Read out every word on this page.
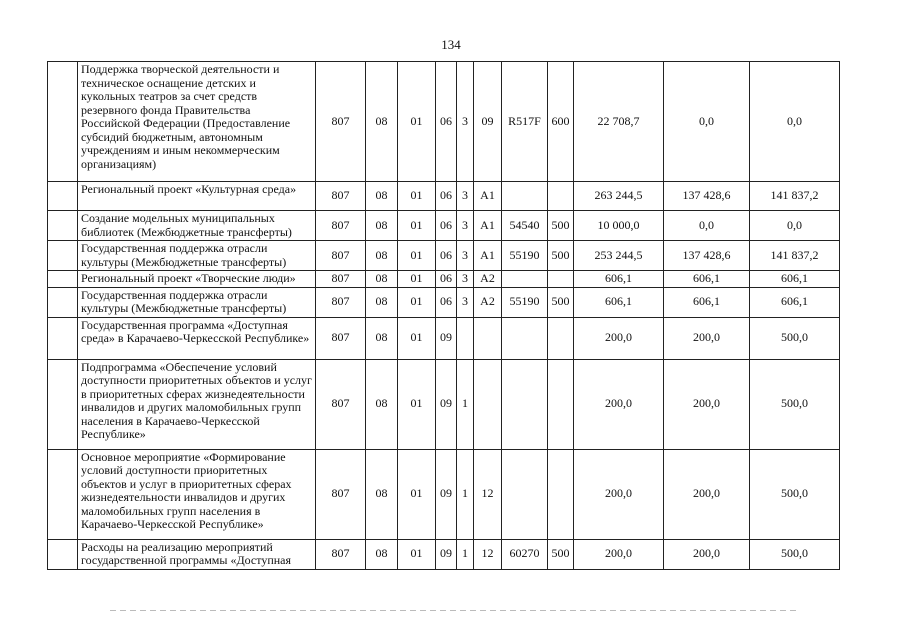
134
	Поддержка творческой деятельности и техническое оснащение детских и кукольных театров за счет средств резервного фонда Правительства Российской Федерации (Предоставление субсидий бюджетным, автономным учреждениям и иным некоммерческим организациям)	807	08	01	06	3	09	R517F	600	22 708,7	0,0	0,0
	Региональный проект «Культурная среда»	807	08	01	06	3	A1			263 244,5	137 428,6	141 837,2
	Создание модельных муниципальных библиотек (Межбюджетные трансферты)	807	08	01	06	3	A1	54540	500	10 000,0	0,0	0,0
	Государственная поддержка отрасли культуры (Межбюджетные трансферты)	807	08	01	06	3	A1	55190	500	253 244,5	137 428,6	141 837,2
	Региональный проект «Творческие люди»	807	08	01	06	3	A2			606,1	606,1	606,1
	Государственная поддержка отрасли культуры (Межбюджетные трансферты)	807	08	01	06	3	A2	55190	500	606,1	606,1	606,1
	Государственная программа «Доступная среда» в Карачаево-Черкесской Республике»	807	08	01	09					200,0	200,0	500,0
	Подпрограмма «Обеспечение условий доступности приоритетных объектов и услуг в приоритетных сферах жизнедеятельности инвалидов и других маломобильных групп населения в Карачаево-Черкесской Республике»	807	08	01	09	1				200,0	200,0	500,0
	Основное мероприятие «Формирование условий доступности приоритетных объектов и услуг в приоритетных сферах жизнедеятельности инвалидов и других маломобильных групп населения в Карачаево-Черкесской Республике»	807	08	01	09	1	12			200,0	200,0	500,0
	Расходы на реализацию мероприятий государственной программы «Доступная	807	08	01	09	1	12	60270	500	200,0	200,0	500,0
